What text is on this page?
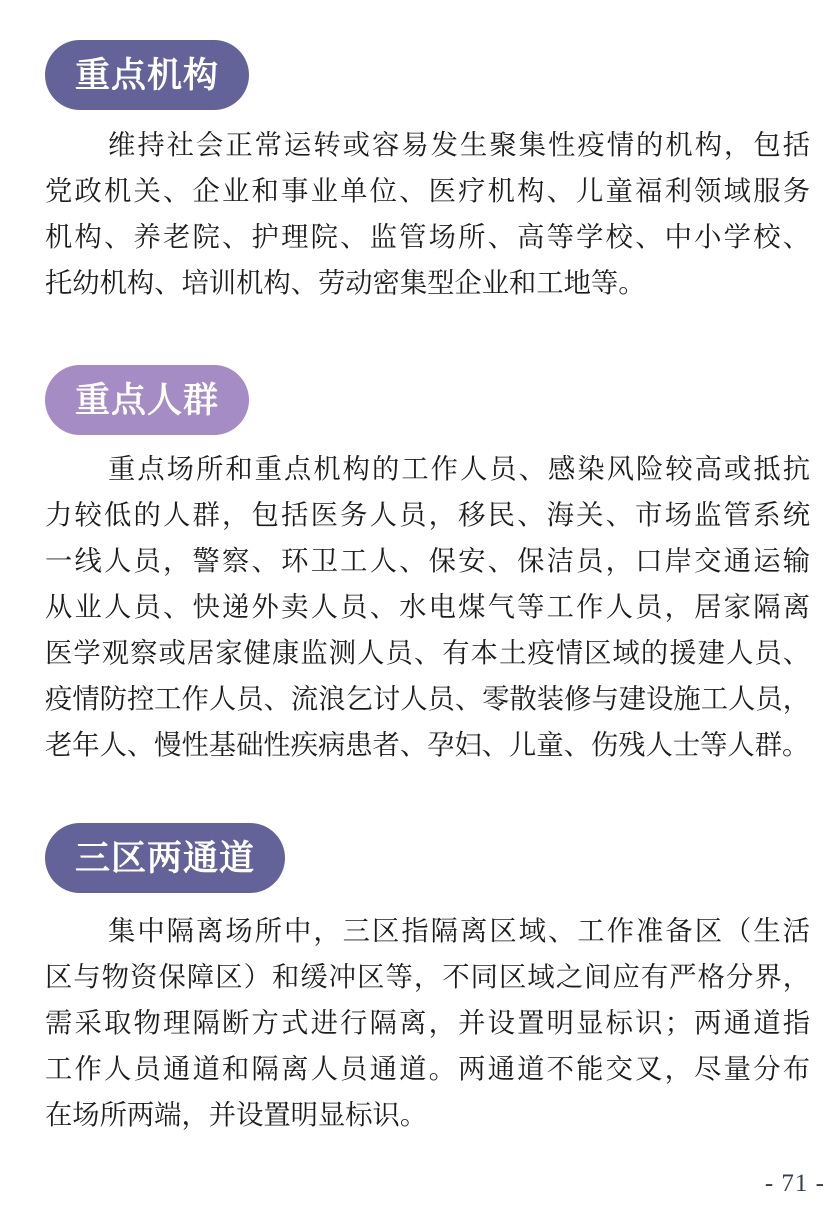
重点机构
维持社会正常运转或容易发生聚集性疫情的机构，包括
党政机关、企业和事业单位、医疗机构、儿童福利领域服务
机构、养老院、护理院、监管场所、高等学校、中小学校、
托幼机构、培训机构、劳动密集型企业和工地等。
重点人群
重点场所和重点机构的工作人员、感染风险较高或抵抗
力较低的人群，包括医务人员，移民、海关、市场监管系统
一线人员，警察、环卫工人、保安、保洁员，口岸交通运输
从业人员、快递外卖人员、水电煤气等工作人员，居家隔离
医学观察或居家健康监测人员、有本土疫情区域的援建人员、
疫情防控工作人员、流浪乞讨人员、零散装修与建设施工人员，
老年人、慢性基础性疾病患者、孕妇、儿童、伤残人士等人群。
三区两通道
集中隔离场所中，三区指隔离区域、工作准备区（生活
区与物资保障区）和缓冲区等，不同区域之间应有严格分界，
需采取物理隔断方式进行隔离，并设置明显标识；两通道指
工作人员通道和隔离人员通道。两通道不能交叉，尽量分布
在场所两端，并设置明显标识。
- 71 -
